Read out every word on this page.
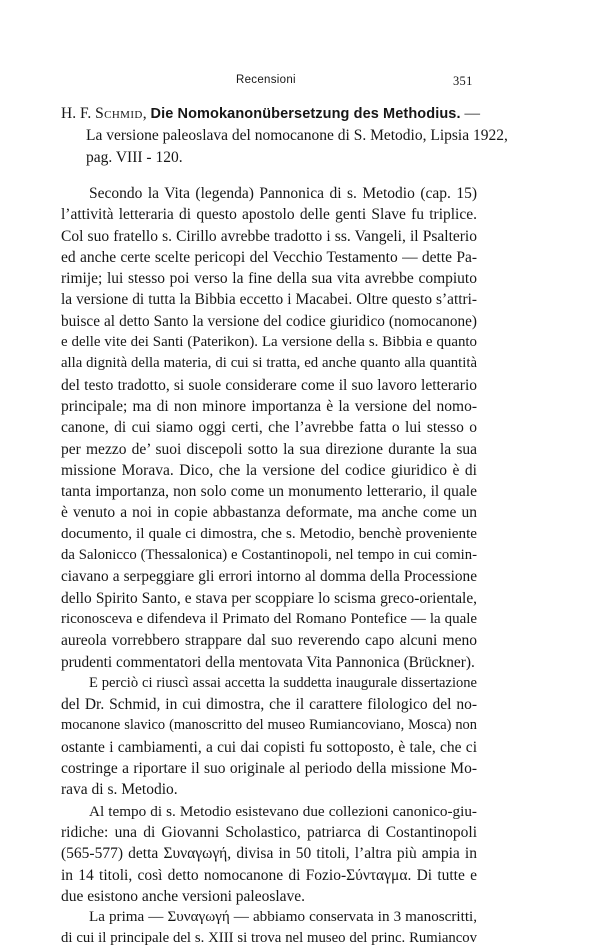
Recensioni	351
H. F. Schmid, Die Nomokanonübersetzung des Methodius. —
La versione paleoslava del nomocanone di S. Metodio, Lipsia 1922,
pag. VIII - 120.
Secondo la Vita (legenda) Pannonica di s. Metodio (cap. 15)
l’attività letteraria di questo apostolo delle genti Slave fu triplice.
Col suo fratello s. Cirillo avrebbe tradotto i ss. Vangeli, il Psalterio
ed anche certe scelte pericopi del Vecchio Testamento — dette Pa-
rimije; lui stesso poi verso la fine della sua vita avrebbe compiuto
la versione di tutta la Bibbia eccetto i Macabei. Oltre questo s’attri-
buisce al detto Santo la versione del codice giuridico (nomocanone)
e delle vite dei Santi (Paterikon). La versione della s. Bibbia e quanto
alla dignità della materia, di cui si tratta, ed anche quanto alla quantità
del testo tradotto, si suole considerare come il suo lavoro letterario
principale; ma di non minore importanza è la versione del nomo-
canone, di cui siamo oggi certi, che l’avrebbe fatta o lui stesso o
per mezzo de’ suoi discepoli sotto la sua direzione durante la sua
missione Morava. Dico, che la versione del codice giuridico è di
tanta importanza, non solo come un monumento letterario, il quale
è venuto a noi in copie abbastanza deformate, ma anche come un
documento, il quale ci dimostra, che s. Metodio, benchè proveniente
da Salonicco (Thessalonica) e Costantinopoli, nel tempo in cui comin-
ciavano a serpeggiare gli errori intorno al domma della Processione
dello Spirito Santo, e stava per scoppiare lo scisma greco-orientale,
riconosceva e difendeva il Primato del Romano Pontefice — la quale
aureola vorrebbero strappare dal suo reverendo capo alcuni meno
prudenti commentatori della mentovata Vita Pannonica (Brückner).
E perciò ci riuscì assai accetta la suddetta inaugurale dissertazione
del Dr. Schmid, in cui dimostra, che il carattere filologico del no-
mocanone slavico (manoscritto del museo Rumiancoviano, Mosca) non
ostante i cambiamenti, a cui dai copisti fu sottoposto, è tale, che ci
costringe a riportare il suo originale al periodo della missione Mo-
rava di s. Metodio.
Al tempo di s. Metodio esistevano due collezioni canonico-giu-
ridiche: una di Giovanni Scholastico, patriarca di Costantinopoli
(565-577) detta Συναγωγή, divisa in 50 titoli, l’altra più ampia in
in 14 titoli, così detto nomocanone di Fozio-Σύνταγμα. Di tutte e
due esistono anche versioni paleoslave.
La prima — Συναγωγή — abbiamo conservata in 3 manoscritti,
di cui il principale del s. XIII si trova nel museo del princ. Rumiancov
